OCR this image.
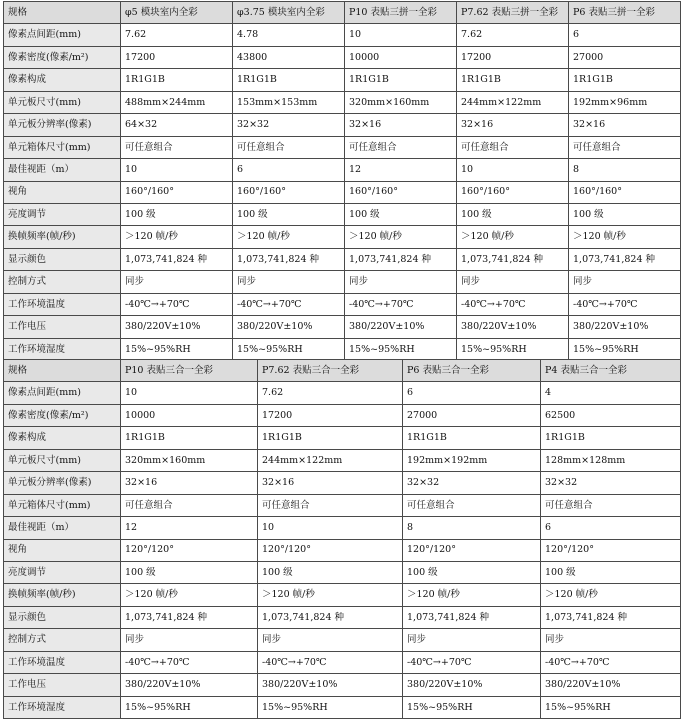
规格	φ5 模块室内全彩	φ3.75 模块室内全彩	P10 表贴三拼一全彩	P7.62 表贴三拼一全彩	P6 表贴三拼一全彩
像素点间距(mm)	7.62	4.78	10	7.62	6
像素密度(像素/m²)	17200	43800	10000	17200	27000
像素构成	1R1G1B	1R1G1B	1R1G1B	1R1G1B	1R1G1B
单元板尺寸(mm)	488mm×244mm	153mm×153mm	320mm×160mm	244mm×122mm	192mm×96mm
单元板分辨率(像素)	64×32	32×32	32×16	32×16	32×16
单元箱体尺寸(mm)	可任意组合	可任意组合	可任意组合	可任意组合	可任意组合
最佳视距（m）	10	6	12	10	8
视角	160°/160°	160°/160°	160°/160°	160°/160°	160°/160°
亮度调节	100 级	100 级	100 级	100 级	100 级
换帧频率(帧/秒)	＞120 帧/秒	＞120 帧/秒	＞120 帧/秒	＞120 帧/秒	＞120 帧/秒
显示颜色	1,073,741,824 种	1,073,741,824 种	1,073,741,824 种	1,073,741,824 种	1,073,741,824 种
控制方式	同步	同步	同步	同步	同步
工作环境温度	-40℃→+70℃	-40℃→+70℃	-40℃→+70℃	-40℃→+70℃	-40℃→+70℃
工作电压	380/220V±10%	380/220V±10%	380/220V±10%	380/220V±10%	380/220V±10%
工作环境湿度	15%~95%RH	15%~95%RH	15%~95%RH	15%~95%RH	15%~95%RH
规格	P10 表贴三合一全彩	P7.62 表贴三合一全彩	P6 表贴三合一全彩	P4 表贴三合一全彩
像素点间距(mm)	10	7.62	6	4
像素密度(像素/m²)	10000	17200	27000	62500
像素构成	1R1G1B	1R1G1B	1R1G1B	1R1G1B
单元板尺寸(mm)	320mm×160mm	244mm×122mm	192mm×192mm	128mm×128mm
单元板分辨率(像素)	32×16	32×16	32×32	32×32
单元箱体尺寸(mm)	可任意组合	可任意组合	可任意组合	可任意组合
最佳视距（m）	12	10	8	6
视角	120°/120°	120°/120°	120°/120°	120°/120°
亮度调节	100 级	100 级	100 级	100 级
换帧频率(帧/秒)	＞120 帧/秒	＞120 帧/秒	＞120 帧/秒	＞120 帧/秒
显示颜色	1,073,741,824 种	1,073,741,824 种	1,073,741,824 种	1,073,741,824 种
控制方式	同步	同步	同步	同步
工作环境温度	-40℃→+70℃	-40℃→+70℃	-40℃→+70℃	-40℃→+70℃
工作电压	380/220V±10%	380/220V±10%	380/220V±10%	380/220V±10%
工作环境湿度	15%~95%RH	15%~95%RH	15%~95%RH	15%~95%RH
